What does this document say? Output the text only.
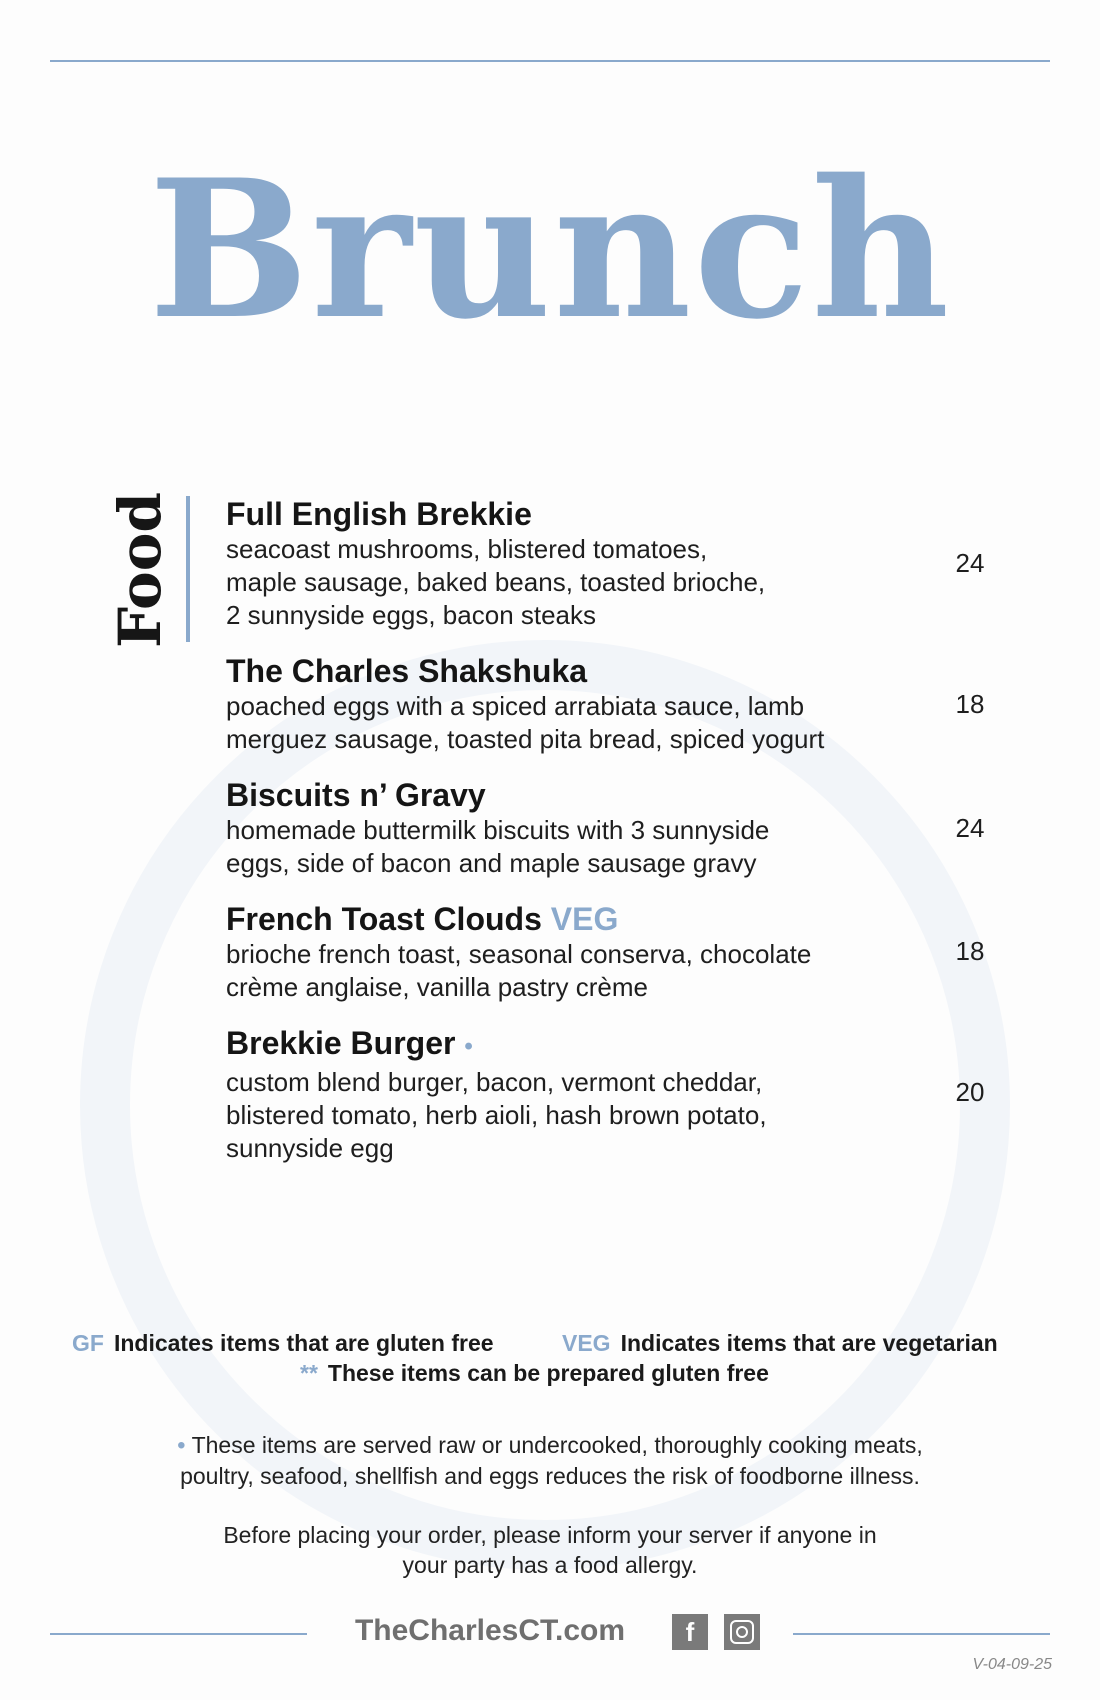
Brunch
Food Full English Brekkie
seacoast mushrooms, blistered tomatoes,
maple sausage, baked beans, toasted brioche,
2 sunnyside eggs, bacon steaks
24
The Charles Shakshuka
poached eggs with a spiced arrabiata sauce, lamb
merguez sausage, toasted pita bread, spiced yogurt
18
Biscuits n’ Gravy
homemade buttermilk biscuits with 3 sunnyside
eggs, side of bacon and maple sausage gravy
24
French Toast Clouds VEG
brioche french toast, seasonal conserva, chocolate
crème anglaise, vanilla pastry crème
18
Brekkie Burger •
custom blend burger, bacon, vermont cheddar,
blistered tomato, herb aioli, hash brown potato,
sunnyside egg
20
GF Indicates items that are gluten free	VEG Indicates items that are vegetarian
** These items can be prepared gluten free
• These items are served raw or undercooked, thoroughly cooking meats,
poultry, seafood, shellfish and eggs reduces the risk of foodborne illness.
Before placing your order, please inform your server if anyone in
your party has a food allergy.
TheCharlesCT.com	f
V-04-09-25
